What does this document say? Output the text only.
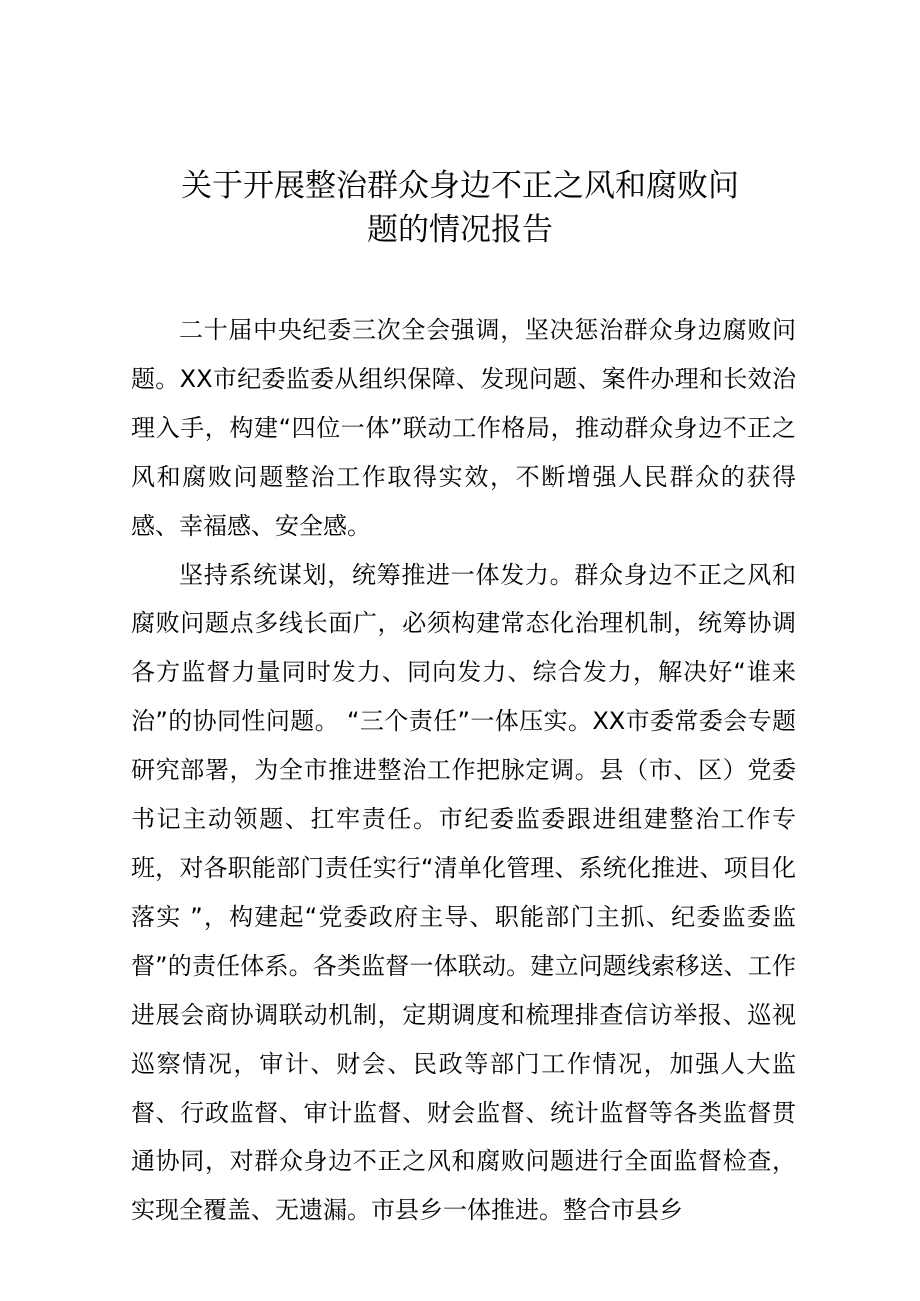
关于开展整治群众身边不正之风和腐败问
题的情况报告

二十届中央纪委三次全会强调，坚决惩治群众身边腐败问题。XX市纪委监委从组织保障、发现问题、案件办理和长效治理入手，构建“四位一体”联动工作格局，推动群众身边不正之风和腐败问题整治工作取得实效，不断增强人民群众的获得感、幸福感、安全感。

坚持系统谋划，统筹推进一体发力。群众身边不正之风和腐败问题点多线长面广，必须构建常态化治理机制，统筹协调各方监督力量同时发力、同向发力、综合发力，解决好“谁来治”的协同性问题。 “三个责任”一体压实。XX市委常委会专题研究部署，为全市推进整治工作把脉定调。县（市、区）党委书记主动领题、扛牢责任。市纪委监委跟进组建整治工作专班，对各职能部门责任实行“清单化管理、系统化推进、项目化落实 ”，构建起“党委政府主导、职能部门主抓、纪委监委监督”的责任体系。各类监督一体联动。建立问题线索移送、工作进展会商协调联动机制，定期调度和梳理排查信访举报、巡视巡察情况，审计、财会、民政等部门工作情况，加强人大监督、行政监督、审计监督、财会监督、统计监督等各类监督贯通协同，对群众身边不正之风和腐败问题进行全面监督检查，实现全覆盖、无遗漏。市县乡一体推进。整合市县乡
